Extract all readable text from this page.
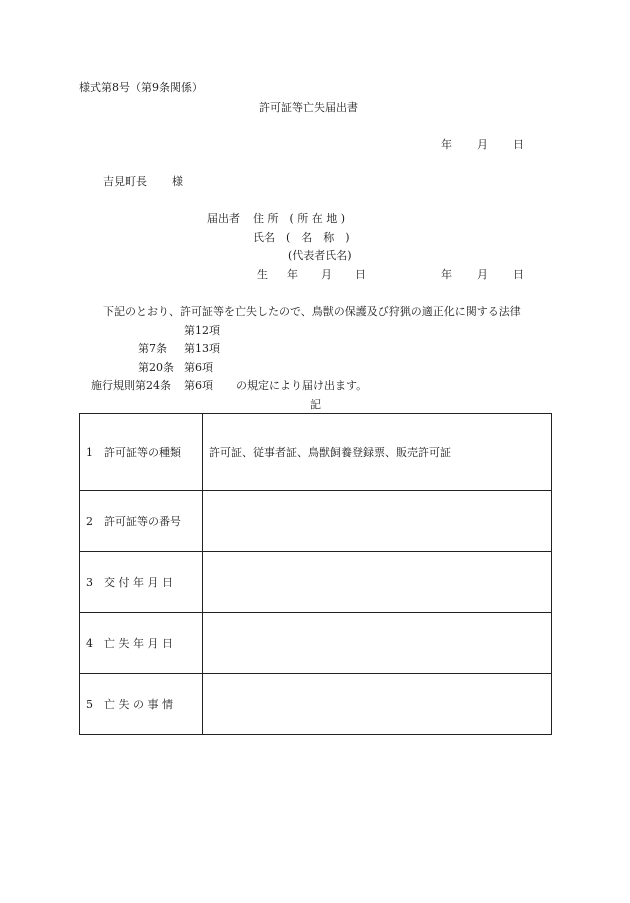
様式第8号（第9条関係）
許可証等亡失届出書
年 月 日
吉見町長 様
届出者 住 所　( 所 在 地 )
氏名　(　名　称　)
(代表者氏名)
生 年 月 日	年 月 日
下記のとおり、許可証等を亡失したので、鳥獣の保護及び狩猟の適正化に関する法律
第12項
第7条 第13項
第20条 第6項
施行規則第24条 第6項 の規定により届け出ます。
記
1 許可証等の種類	許可証、従事者証、鳥獣飼養登録票、販売許可証
2 許可証等の番号	
3 交 付 年 月 日	
4 亡 失 年 月 日	
5 亡 失 の 事 情	
